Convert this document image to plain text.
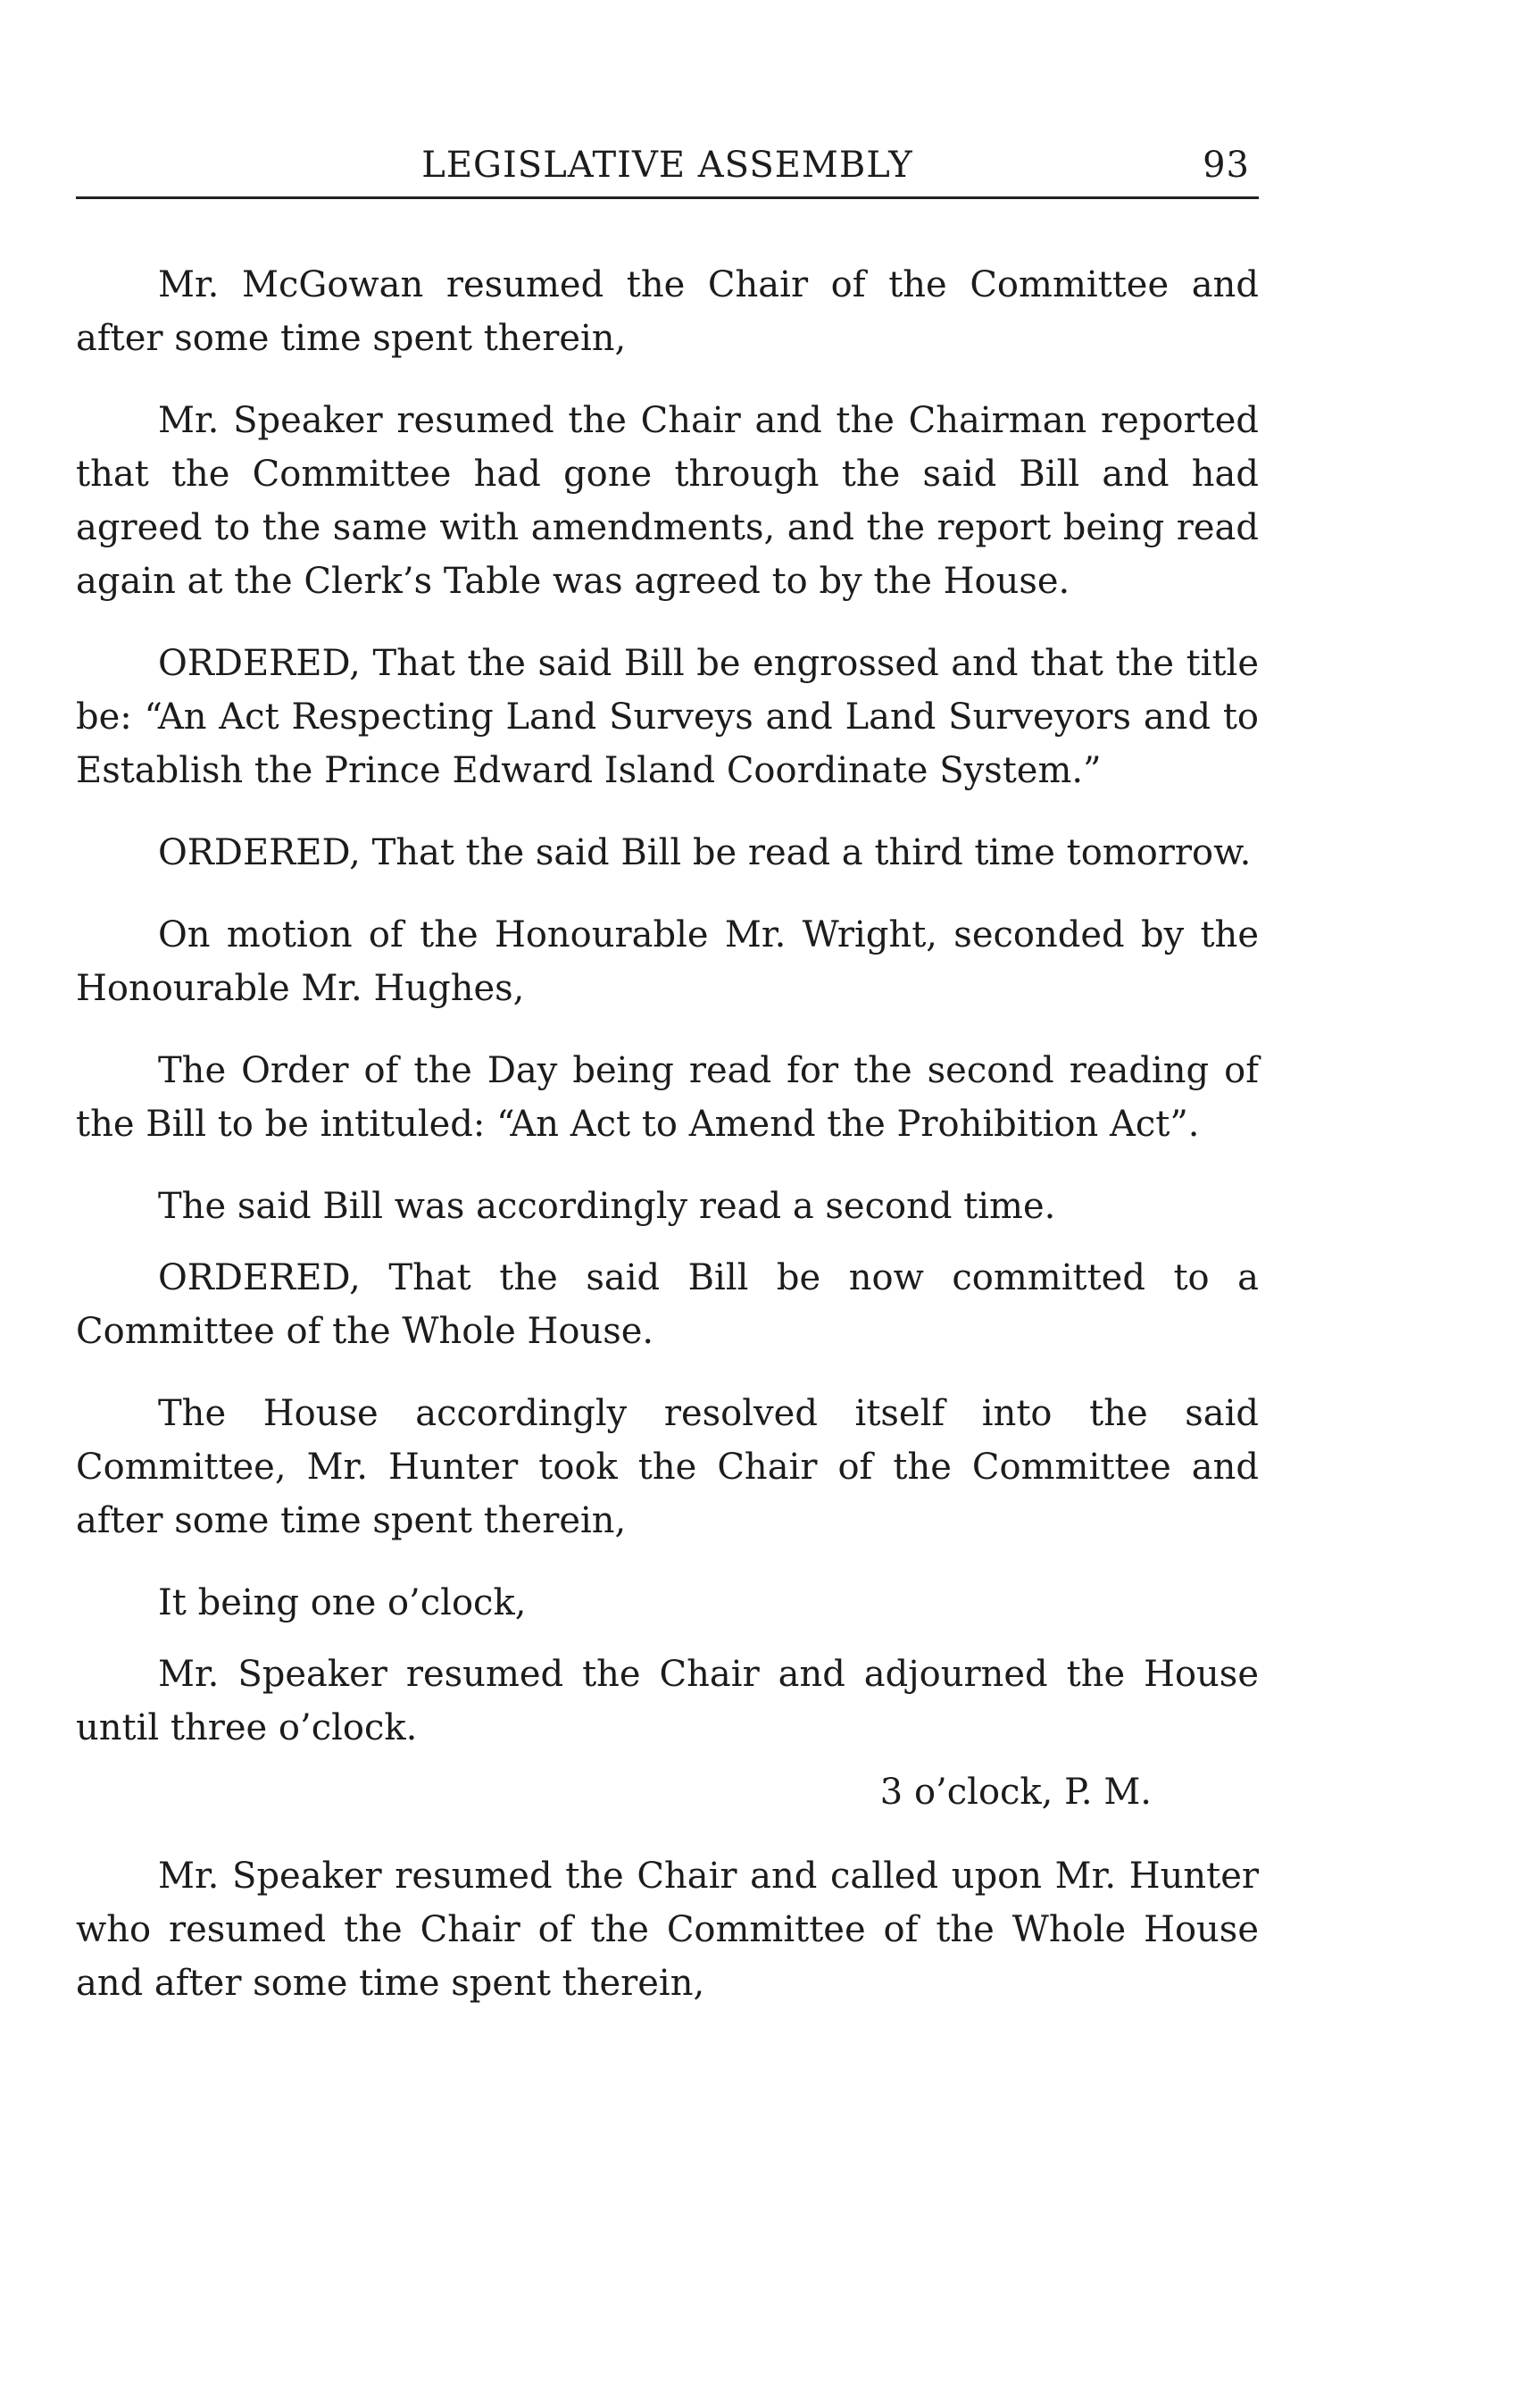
LEGISLATIVE ASSEMBLY	93

Mr. McGowan resumed the Chair of the Committee and after some time spent therein,

Mr. Speaker resumed the Chair and the Chairman reported that the Committee had gone through the said Bill and had agreed to the same with amendments, and the report being read again at the Clerk’s Table was agreed to by the House.

ORDERED, That the said Bill be engrossed and that the title be: “An Act Respecting Land Surveys and Land Surveyors and to Establish the Prince Edward Island Coordinate System.”

ORDERED, That the said Bill be read a third time tomorrow.

On motion of the Honourable Mr. Wright, seconded by the Honourable Mr. Hughes,

The Order of the Day being read for the second reading of the Bill to be intituled: “An Act to Amend the Prohibition Act”.

The said Bill was accordingly read a second time.

ORDERED, That the said Bill be now committed to a Committee of the Whole House.

The House accordingly resolved itself into the said Committee, Mr. Hunter took the Chair of the Committee and after some time spent therein,

It being one o’clock,

Mr. Speaker resumed the Chair and adjourned the House until three o’clock.

3 o’clock, P. M.

Mr. Speaker resumed the Chair and called upon Mr. Hunter who resumed the Chair of the Committee of the Whole House and after some time spent therein,
